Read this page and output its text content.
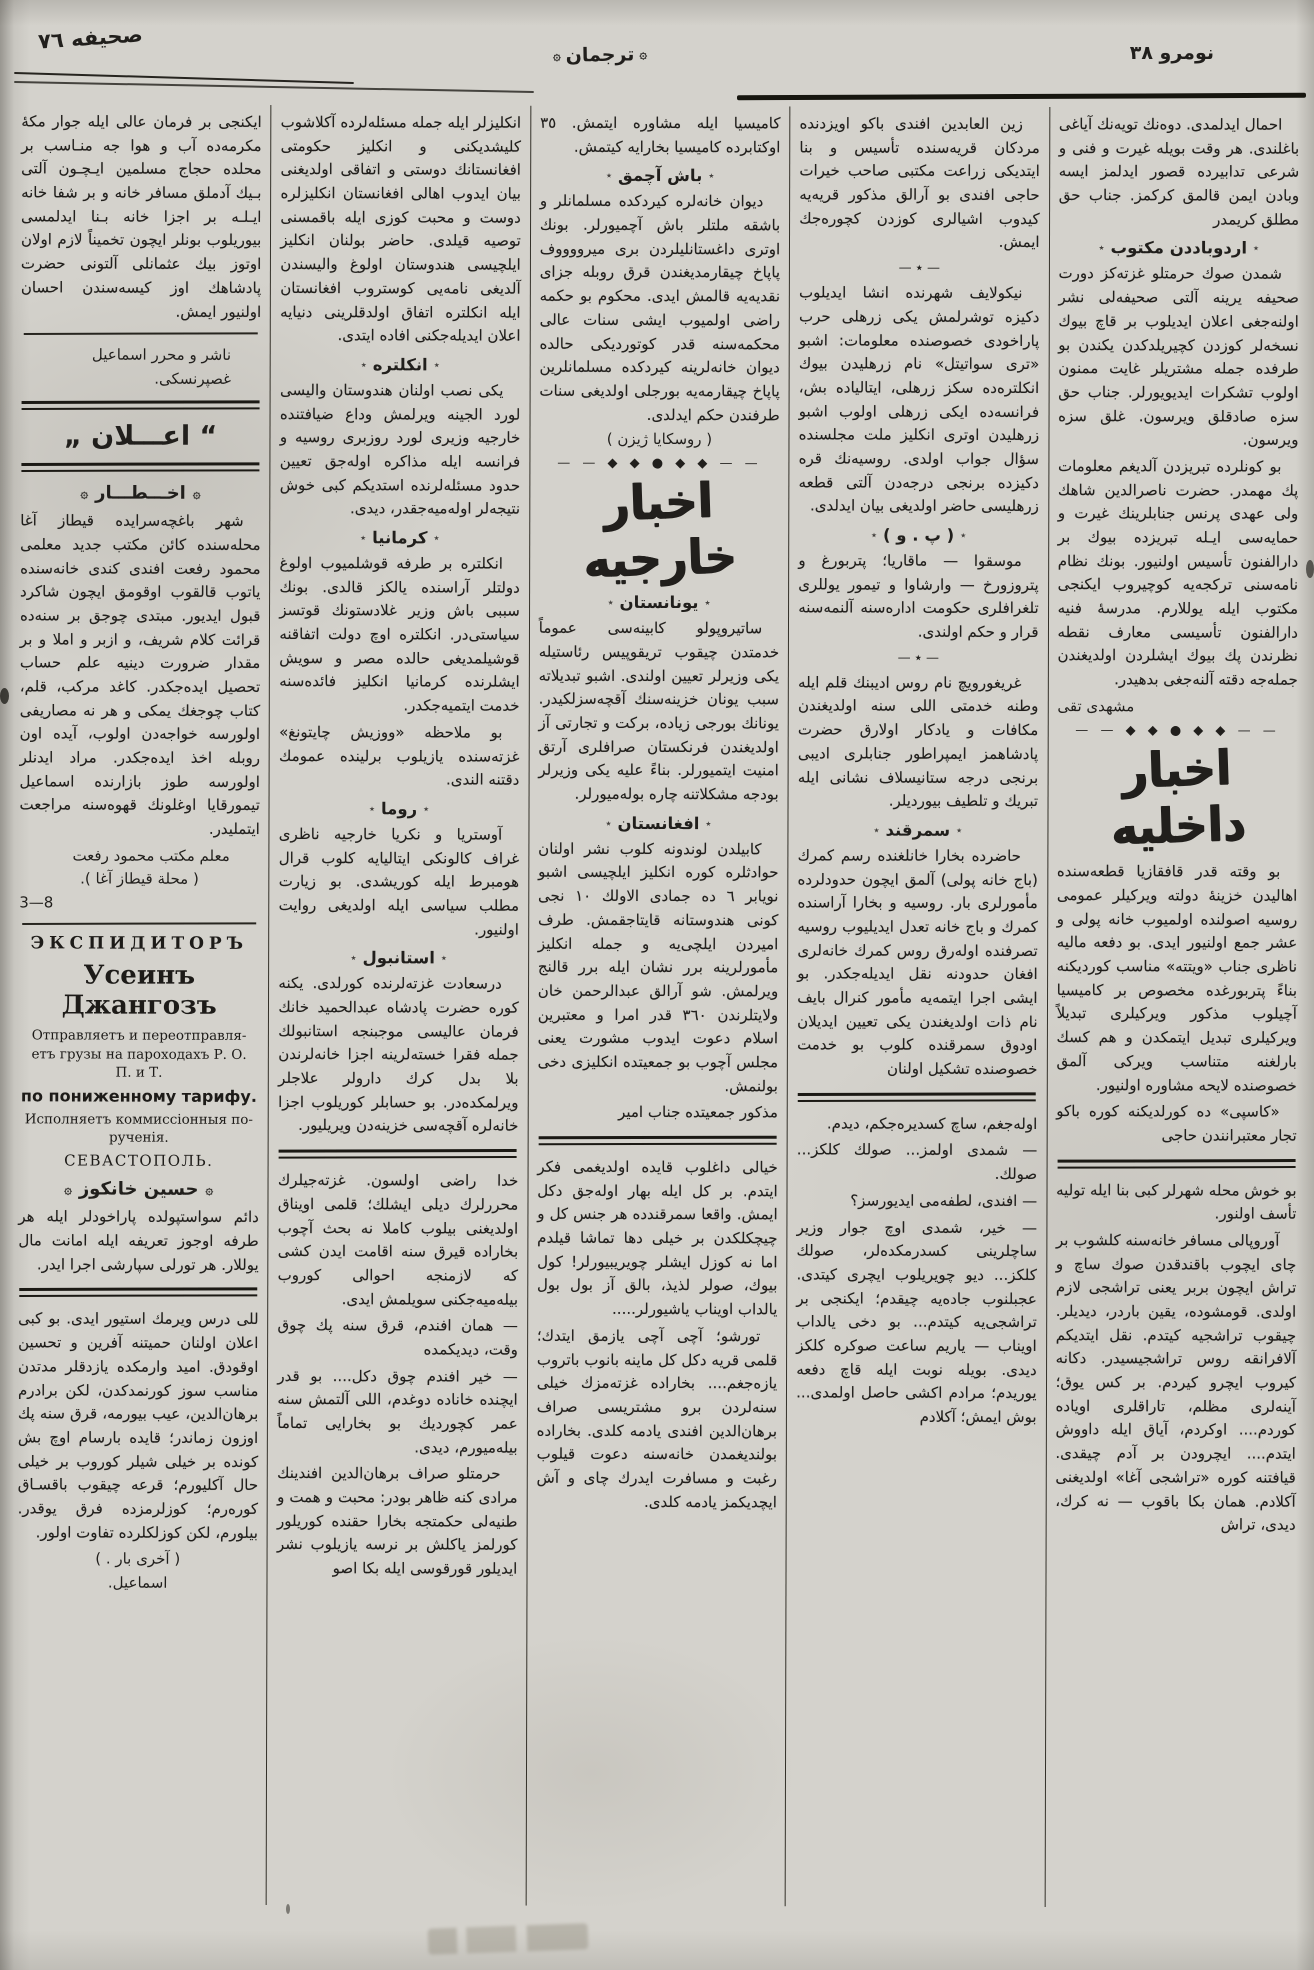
صحيفه ٧٦
۞ترجمان۞	نومرو ٣٨

احمال ايدلمدى. دوه‌نك تويه‌نك آياغى باغلندى. هر وقت بويله غيرت و فنى و شرعى تدابيرده قصور ايدلمز ايسه وبادن ايمن قالمق كركمز. جناب حق مطلق كريمدر

٭اردوباددن مكتوب٭

شمدن صوك حرمتلو غزته‌كز دورت صحيفه يرينه آلتى صحيفه‌لى نشر اولنه‌جغى اعلان ايديلوب بر قاچ بيوك نسخه‌لر كوزدن كچيريلدكدن يكندن بو طرفده جمله مشتريلر غايت ممنون اولوب تشكرات ايديويورلر. جناب حق سزه صادقلق ويرسون. غلق سزه ويرسون.

بو كونلرده تبريزدن آلديغم معلومات پك مهمدر. حضرت ناصرالدين شاهك ولى عهدى پرنس جنابلرينك غيرت و حمايه‌سى ايـله تبريزده بيوك بر دارالفنون تأسيس اولنيور. بونك نظام نامه‌سنى تركجه‌يه كوچيروب ايكنجى مكتوب ايله يوللارم. مدرسهٔ فنيه دارالفنون تأسيسى معارف نقطه نظرندن پك بيوك ايشلردن اولديغندن جمله‌جه دقته آلنه‌جغى بدهيدر.

مشهدى تقى
— — ◆ ◆ ● ◆ ◆ — —
اخبار داخليه

بو وقته قدر قافقازيا قطعه‌سنده اهاليدن خزينهٔ دولته ويركيلر عمومى روسيه اصولنده اولميوب خانه پولى و عشر جمع اولنيور ايدى. بو دفعه ماليه ناظرى جناب «ويتته» مناسب كورديكنه بناءً پتربورغده مخصوص بر كاميسيا آچيلوب مذكور ويركيلرى تبديلاً ويركيلرى تبديل ايتمكدن و هم كسك بارلغنه متناسب ويركى آلمق خصوصنده لايحه مشاوره اولنيور.

«كاسپى» ده كورلديكنه كوره باكو تجار معتبرانندن حاجى

بو خوش محله شهرلر كبى بنا ايله توليه تأسف اولنور.

آوروپالى مسافر خانه‌سنه كلشوب بر چاى ايچوب باقندقدن صوك ساچ و تراش ايچون بربر يعنى تراشجى لازم اولدى. قومشوده، يقين باردر، ديديلر. چيقوب تراشجيه كيتدم. نقل ايتديكم آلافرانقه روس تراشجيسيدر. دكانه كيروب ايچرو كيردم. بر كس يوق؛ آينه‌لرى مظلم، تاراقلرى اوياده كوردم.... اوكردم، آياق ايله داووش ايتدم.... ايچرودن بر آدم چيقدى. قيافتنه كوره «تراشجى آغا» اولديغنى آكلادم. همان بكا باقوب — نه كرك، ديدى، تراش

زين العابدين افندى باكو اويزدنده مردكان قريه‌سنده تأسيس و بنا ايتديكى زراعت مكتبى صاحب خيرات حاجى افندى بو آرالق مذكور قريه‌يه كيدوب اشيالرى كوزدن كچوره‌جك ايمش.

— ٭ —

نيكولايف شهرنده انشا ايديلوب دكيزه توشرلمش يكى زرهلى حرب پاراخودى خصوصنده معلومات: اشبو «ترى سواتيتل» نام زرهليدن بيوك انكلتره‌ده سكز زرهلى، ايتالياده بش، فرانسه‌ده ايكى زرهلى اولوب اشبو زرهليدن اوترى انكليز ملت مجلسنده سؤال جواب اولدى. روسيه‌نك قره دكيزده برنجى درجه‌دن آلتى قطعه زرهليسى حاضر اولديغى بيان ايدلدى.

٭( پ . و )٭

موسقوا — ماقاريا؛ پتربورغ و پتروزورخ — وارشاوا و تيمور يوللرى تلغرافلرى حكومت اداره‌سنه آلنمه‌سنه قرار و حكم اولندى.

— ٭ —

غريغورويچ نام روس اديبنك قلم ايله وطنه خدمتى اللى سنه اولديغندن مكافات و يادكار اولارق حضرت پادشاهمز ايمپراطور جنابلرى اديبى برنجى درجه ستانيسلاف نشانى ايله تبريك و تلطيف بيورديلر.

٭سمرقند٭

حاضرده بخارا خانلغنده رسم كمرك (باج خانه پولى) آلمق ايچون حدودلرده مأمورلرى بار. روسيه و بخارا آراسنده كمرك و باج خانه تعدل ايديليوب روسيه تصرفنده اوله‌رق روس كمرك خانه‌لرى افغان حدودنه نقل ايديله‌جكدر. بو ايشى اجرا ايتمه‌يه مأمور كنرال بايف نام ذات اولديغندن يكى تعيين ايديلان اودوق سمرقنده كلوب بو خدمت خصوصنده تشكيل اولنان

اوله‌جغم، ساچ كسديره‌جكم، ديدم.

— شمدى اولمز... صولك كلكز... صولك.

— افندى، لطفه‌مى ايديورسز؟

— خير، شمدى اوچ جوار وزير ساچلرينى كسدرمكده‌لر، صولك كلكز... ديو چويريلوب ايچرى كيتدى. عجبلنوب جاده‌يه چيقدم؛ ايكنجى بر تراشجى‌يه كيتدم... بو دخى يالداب اويناب — ياريم ساعت صوكره كلكز ديدى. بويله نوبت ايله قاچ دفعه يوريدم؛ مرادم اكشى حاصل اولمدى... بوش ايمش؛ آكلادم

كاميسيا ايله مشاوره ايتمش. ٣٥ اوكتابرده كاميسيا بخارايه كيتمش.

٭باش آچمق٭

ديوان خانه‌لره كيردكده مسلمانلر و باشقه ملتلر باش آچميورلر. بونك اوترى داغستانليلردن برى ميرووووف پاپاخ چيقارمديغندن قرق روبله جزاى نقديه‌يه قالمش ايدى. محكوم بو حكمه راضى اولميوب ايشى سنات عالى محكمه‌سنه قدر كوتورديكى حالده ديوان خانه‌لرينه كيردكده مسلمانلرين پاپاخ چيقارمه‌يه بورجلى اولديغى سنات طرفندن حكم ايدلدى.

( روسكايا ژيزن )
— — ◆ ◆ ● ◆ ◆ — —
اخبار خارجيه
٭يونانستان٭

ساتيروپولو كابينه‌سى عموماً خدمتدن چيقوب تريقوپيس رئاستيله يكى وزيرلر تعيين اولندى. اشبو تبديلاته سبب يونان خزينه‌سنك آقچه‌سزلكيدر. يونانك بورجى زياده، بركت و تجارتى آز اولديغندن فرنكستان صرافلرى آرتق امنيت ايتميورلر. بناءً عليه يكى وزيرلر بودجه مشكلاتنه چاره بوله‌ميورلر.

٭افغانستان٭

كابيلدن لوندونه كلوب نشر اولنان حوادثلره كوره انكليز ايلچيسى اشبو نويابر ٦ ده جمادى الاولك ١٠ نجى كونى هندوستانه قايتاجقمش. طرف اميردن ايلچى‌يه و جمله انكليز مأمورلرينه برر نشان ايله برر قالنج ويرلمش. شو آرالق عبدالرحمن خان ولايتلرندن ٣٦٠ قدر امرا و معتبرين اسلام دعوت ايدوب مشورت يعنى مجلس آچوب بو جمعيتده انكليزى دخى بولنمش.

مذكور جمعيتده جناب امير

خيالى داغلوب قايده اولديغمى فكر ايتدم. بر كل ايله بهار اوله‌جق دكل ايمش. واقعا سمرقندده هر جنس كل و چيچكلكدن بر خيلى دها تماشا قيلدم اما نه كوزل ايشلر چويريبيورلر! كول بيوك، صولر لذيذ، بالق آز بول بول يالداب اويناب ياشيورلر.....

تورشو؛ آچى آچى يازمق ايتدك؛ قلمى قريه دكل كل ماينه بانوب باتروب يازه‌جغم.... بخاراده غزته‌مزك خيلى سنه‌لردن برو مشتريسى صراف برهان‌الدين افندى يادمه كلدى. بخاراده بولنديغمدن خانه‌سنه دعوت قيلوب رغبت و مسافرت ايدرك چاى و آش ايچديكمز يادمه كلدى.

انكليزلر ايله جمله مسئله‌لرده آكلاشوب كليشديكنى و انكليز حكومتى افغانستانك دوستى و اتفاقى اولديغنى بيان ايدوب اهالى افغانستان انكليزلره دوست و محبت كوزى ايله باقمسنى توصيه قيلدى. حاضر بولنان انكليز ايلچيسى هندوستان اولوغ واليسندن آلديغى نامه‌يى كوستروب افغانستان ايله انكلتره اتفاق اولدقلرينى دنيايه اعلان ايديله‌جكنى افاده ايتدى.

٭انكلتره٭

يكى نصب اولنان هندوستان واليسى لورد الجينه ويرلمش وداع ضيافتنده خارجيه وزيرى لورد روزبرى روسيه و فرانسه ايله مذاكره اوله‌جق تعيين حدود مسئله‌لرنده استديكم كبى خوش نتيجه‌لر اوله‌ميه‌جقدر، ديدى.

٭كرمانيا٭

انكلتره بر طرفه قوشلميوب اولوغ دولتلر آراسنده يالكز قالدى. بونك سببى باش وزير غلادستونك قوتسز سياستى‌در. انكلتره اوچ دولت اتفاقنه قوشيلمديغى حالده مصر و سويش ايشلرنده كرمانيا انكليز فائده‌سنه خدمت ايتميه‌جكدر.

بو ملاحظه «ووزيش چايتونغ» غزته‌سنده يازيلوب برلينده عمومك دقتنه الندى.

٭روما٭

آوستريا و نكريا خارجيه ناظرى غراف كالونكى ايتاليايه كلوب قرال هومبرط ايله كوريشدى. بو زيارت مطلب سياسى ايله اولديغى روايت اولنيور.

٭استانبول٭

درسعادت غزته‌لرنده كورلدى. يكنه كوره حضرت پادشاه عبدالحميد خانك فرمان عاليسى موجبنجه استانبولك جمله فقرا خسته‌لرينه اجزا خانه‌لرندن بلا بدل كرك دارولر علاجلر ويرلمكده‌در. بو حسابلر كوريلوب اجزا خانه‌لره آقچه‌سى خزينه‌دن ويريليور.

خدا راضى اولسون. غزته‌جيلرك محررلرك ديلى ايشلك؛ قلمى اويناق اولديغنى بيلوب كاملا نه بحث آچوب بخاراده قيرق سنه اقامت ايدن كشى كه لازمنجه احوالى كوروب بيله‌ميه‌جكنى سويلمش ايدى.

— همان افندم، قرق سنه پك چوق وقت، ديديكمده

— خير افندم چوق دكل.... بو قدر ايچنده خاناده دوغدم، اللى آلتمش سنه عمر كچورديك بو بخارايى تماماً بيله‌ميورم، ديدى.

حرمتلو صراف برهان‌الدين افندينك مرادى كنه ظاهر بودر: محبت و همت و طنيه‌لى حكمتجه بخارا حقنده كوريلور كورلمز ياكلش بر نرسه يازيلوب نشر ايديلور قورقوسى ايله بكا اصو

ايكنجى بر فرمان عالى ايله جوار مكهٔ مكرمه‌ده آب و هوا جه منـاسب بر محلده حجاج مسلمين ايـچـون آلتى بـيك آدملق مسافر خانه و بر شفا خانه ايـلـه بر اجزا خانه بـنا ايدلمسى بيوريلوب بونلر ايچون تخميناً لازم اولان اوتوز بيك عثمانلى آلتونى حضرت پادشاهك اوز كيسه‌سندن احسان اولنيور ايمش.

ناشر و محرر اسماعيل
غصپرنسكى.
“ اعـــلان „
۞اخـــطـــار۞

شهر باغچه‌سرايده قيطاز آغا محله‌سنده كائن مكتب جديد معلمى محمود رفعت افندى كندى خانه‌سنده ياتوب قالقوب اوقومق ايچون شاكرد قبول ايديور. مبتدى چوجق بر سنه‌ده قرائت كلام شريف، و ازبر و املا و بر مقدار ضرورت دينيه علم حساب تحصيل ايده‌جكدر. كاغد مركب، قلم، كتاب چوجغك يمكى و هر نه مصاريفى اولورسه خواجه‌دن اولوب، آيده اون روبله اخذ ايده‌جكدر. مراد ايدنلر اولورسه طوز بازارنده اسماعيل تيمورقايا اوغلونك قهوه‌سنه مراجعت ايتمليدر.

معلم مكتب محمود رفعت
( محلة قيطاز آغا ).
8—3
ЭКСПИДИТОРЪ
Усеинъ Джангозъ
Отправляетъ и переотправля-
етъ грузы на пароходахъ Р. О.
П. и Т.
по пониженному тарифу.
Исполняетъ коммиссіонныя по-
рученія.
СЕВАСТОПОЛЬ.
۞حسين خانكوز۞

دائم سواستپولده پاراخودلر ايله هر طرفه اوجوز تعريفه ايله امانت مال يوللار. هر تورلى سپارشى اجرا ايدر.

للى درس ويرمك استيور ايدى. بو كبى اعلان اولنان حميتنه آفرين و تحسين اوقودق. اميد وارمكده يازدقلر مدتدن مناسب سوز كورنمدكدن، لكن برادرم برهان‌الدين، عيب بيورمه، قرق سنه پك اوزون زماندر؛ قايده بارسام اوچ بش كونده بر خيلى شيلر كوروب بر خيلى حال آكليورم؛ قرعه چيقوب باقسـاق كوره‌رم؛ كوزلرمزده فرق يوقدر. بيلورم، لكن كوزلكلرده تفاوت اولور.

( آخرى بار . )
اسماعيل.
